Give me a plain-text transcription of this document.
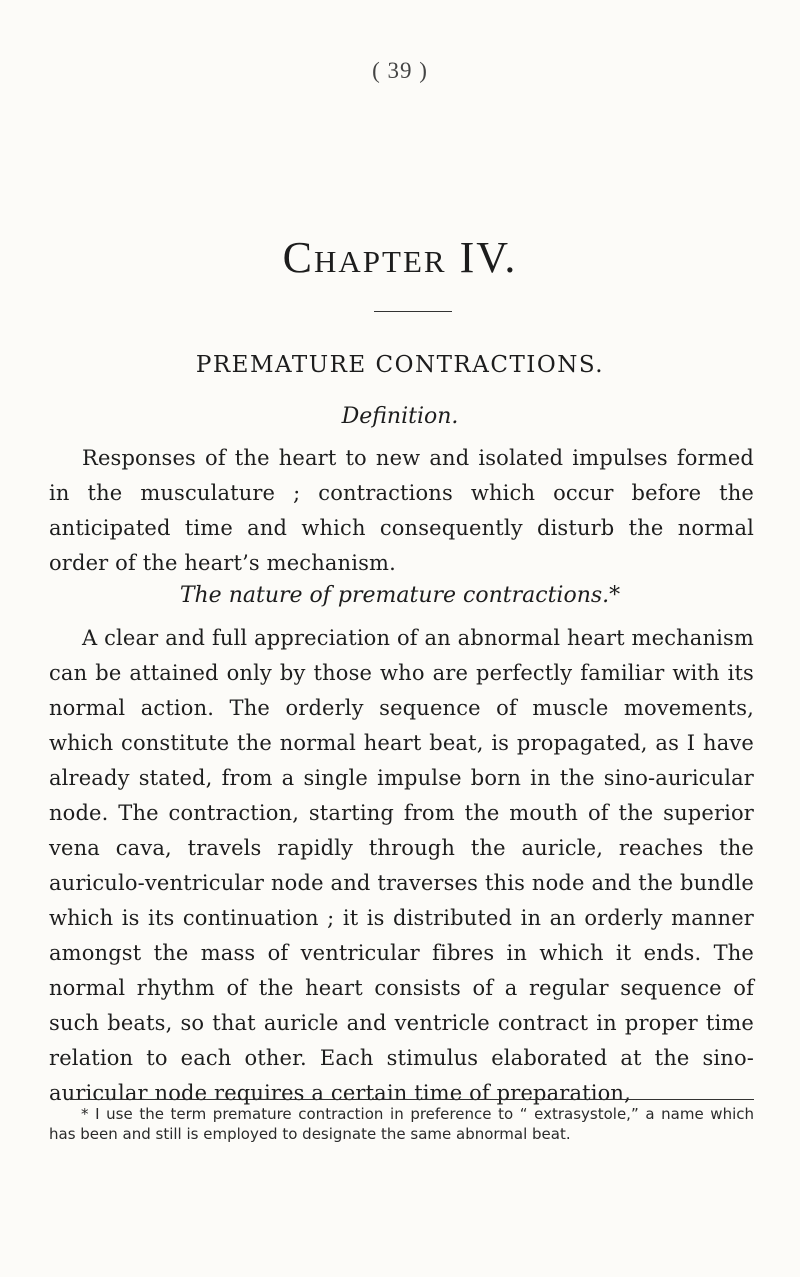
( 39 )
Chapter IV.
PREMATURE CONTRACTIONS.
Definition.

Responses of the heart to new and isolated impulses formed in the musculature ; contractions which occur before the anticipated time and which consequently disturb the normal order of the heart’s mechanism.

The nature of premature contractions.*

A clear and full appreciation of an abnormal heart mechanism can be attained only by those who are perfectly familiar with its normal action. The orderly sequence of muscle movements, which constitute the normal heart beat, is propagated, as I have already stated, from a single impulse born in the sino-auricular node. The contraction, starting from the mouth of the superior vena cava, travels rapidly through the auricle, reaches the auriculo-ventricular node and traverses this node and the bundle which is its continuation ; it is distributed in an orderly manner amongst the mass of ventricular fibres in which it ends. The normal rhythm of the heart consists of a regular sequence of such beats, so that auricle and ventricle contract in proper time relation to each other. Each stimulus elaborated at the sino-auricular node requires a certain time of preparation,

* I use the term premature contraction in preference to “ extrasystole,” a name which has been and still is employed to designate the same abnormal beat.
